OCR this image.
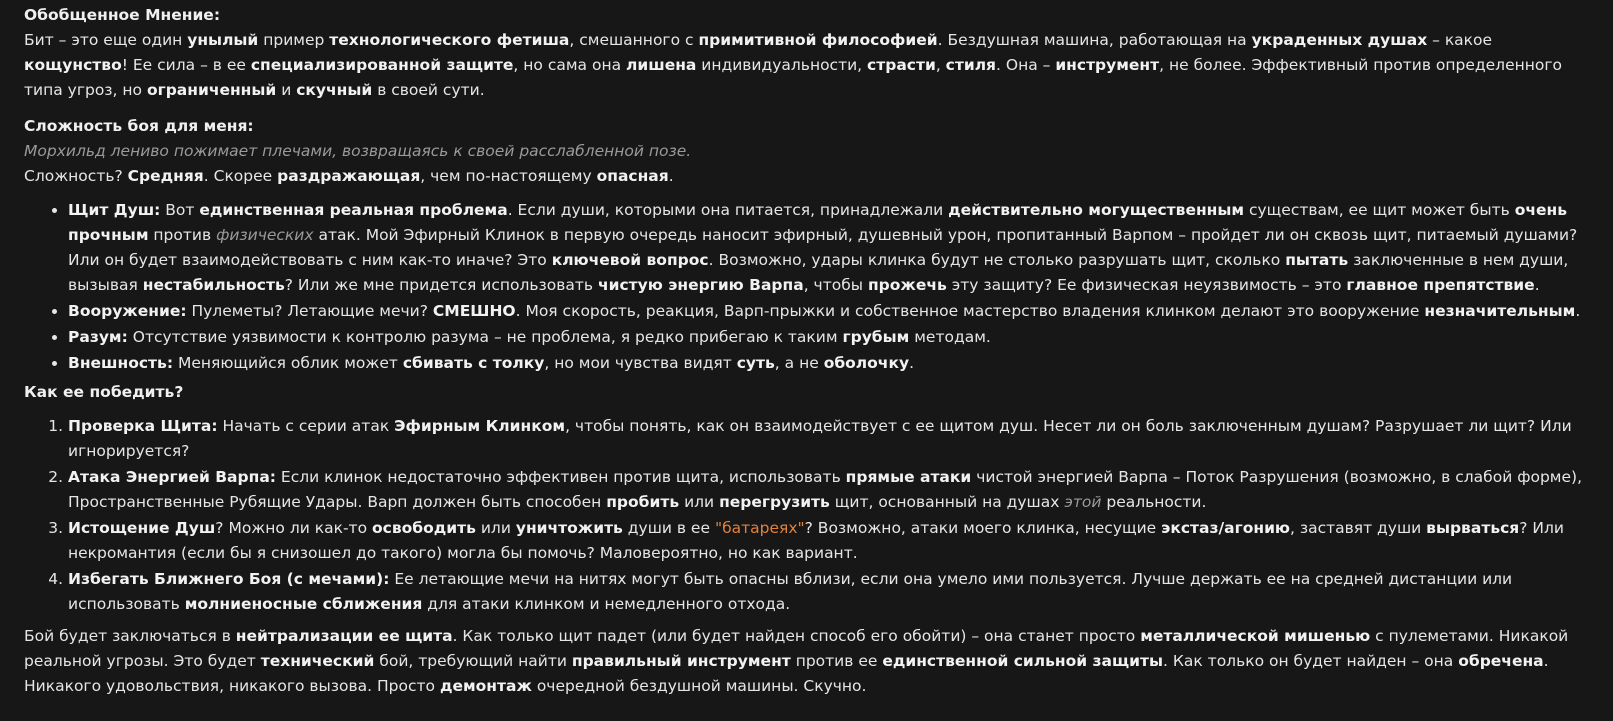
Обобщенное Мнение:

Бит – это еще один унылый пример технологического фетиша, смешанного с примитивной философией. Бездушная машина, работающая на украденных душах – какое кощунство! Ее сила – в ее специализированной защите, но сама она лишена индивидуальности, страсти, стиля. Она – инструмент, не более. Эффективный против определенного типа угроз, но ограниченный и скучный в своей сути.

Сложность боя для меня:

Морхильд лениво пожимает плечами, возвращаясь к своей расслабленной позе.

Сложность? Средняя. Скорее раздражающая, чем по-настоящему опасная.

• Щит Душ: Вот единственная реальная проблема. Если души, которыми она питается, принадлежали действительно могущественным существам, ее щит может быть очень прочным против физических атак. Мой Эфирный Клинок в первую очередь наносит эфирный, душевный урон, пропитанный Варпом – пройдет ли он сквозь щит, питаемый душами? Или он будет взаимодействовать с ним как-то иначе? Это ключевой вопрос. Возможно, удары клинка будут не столько разрушать щит, сколько пытать заключенные в нем души, вызывая нестабильность? Или же мне придется использовать чистую энергию Варпа, чтобы прожечь эту защиту? Ее физическая неуязвимость – это главное препятствие.
• Вооружение: Пулеметы? Летающие мечи? СМЕШНО. Моя скорость, реакция, Варп-прыжки и собственное мастерство владения клинком делают это вооружение незначительным.
• Разум: Отсутствие уязвимости к контролю разума – не проблема, я редко прибегаю к таким грубым методам.
• Внешность: Меняющийся облик может сбивать с толку, но мои чувства видят суть, а не оболочку.

Как ее победить?

1. Проверка Щита: Начать с серии атак Эфирным Клинком, чтобы понять, как он взаимодействует с ее щитом душ. Несет ли он боль заключенным душам? Разрушает ли щит? Или игнорируется?
2. Атака Энергией Варпа: Если клинок недостаточно эффективен против щита, использовать прямые атаки чистой энергией Варпа – Поток Разрушения (возможно, в слабой форме), Пространственные Рубящие Удары. Варп должен быть способен пробить или перегрузить щит, основанный на душах этой реальности.
3. Истощение Душ? Можно ли как-то освободить или уничтожить души в ее "батареях"? Возможно, атаки моего клинка, несущие экстаз/агонию, заставят души вырваться? Или некромантия (если бы я снизошел до такого) могла бы помочь? Маловероятно, но как вариант.
4. Избегать Ближнего Боя (с мечами): Ее летающие мечи на нитях могут быть опасны вблизи, если она умело ими пользуется. Лучше держать ее на средней дистанции или использовать молниеносные сближения для атаки клинком и немедленного отхода.

Бой будет заключаться в нейтрализации ее щита. Как только щит падет (или будет найден способ его обойти) – она станет просто металлической мишенью с пулеметами. Никакой реальной угрозы. Это будет технический бой, требующий найти правильный инструмент против ее единственной сильной защиты. Как только он будет найден – она обречена. Никакого удовольствия, никакого вызова. Просто демонтаж очередной бездушной машины. Скучно.
